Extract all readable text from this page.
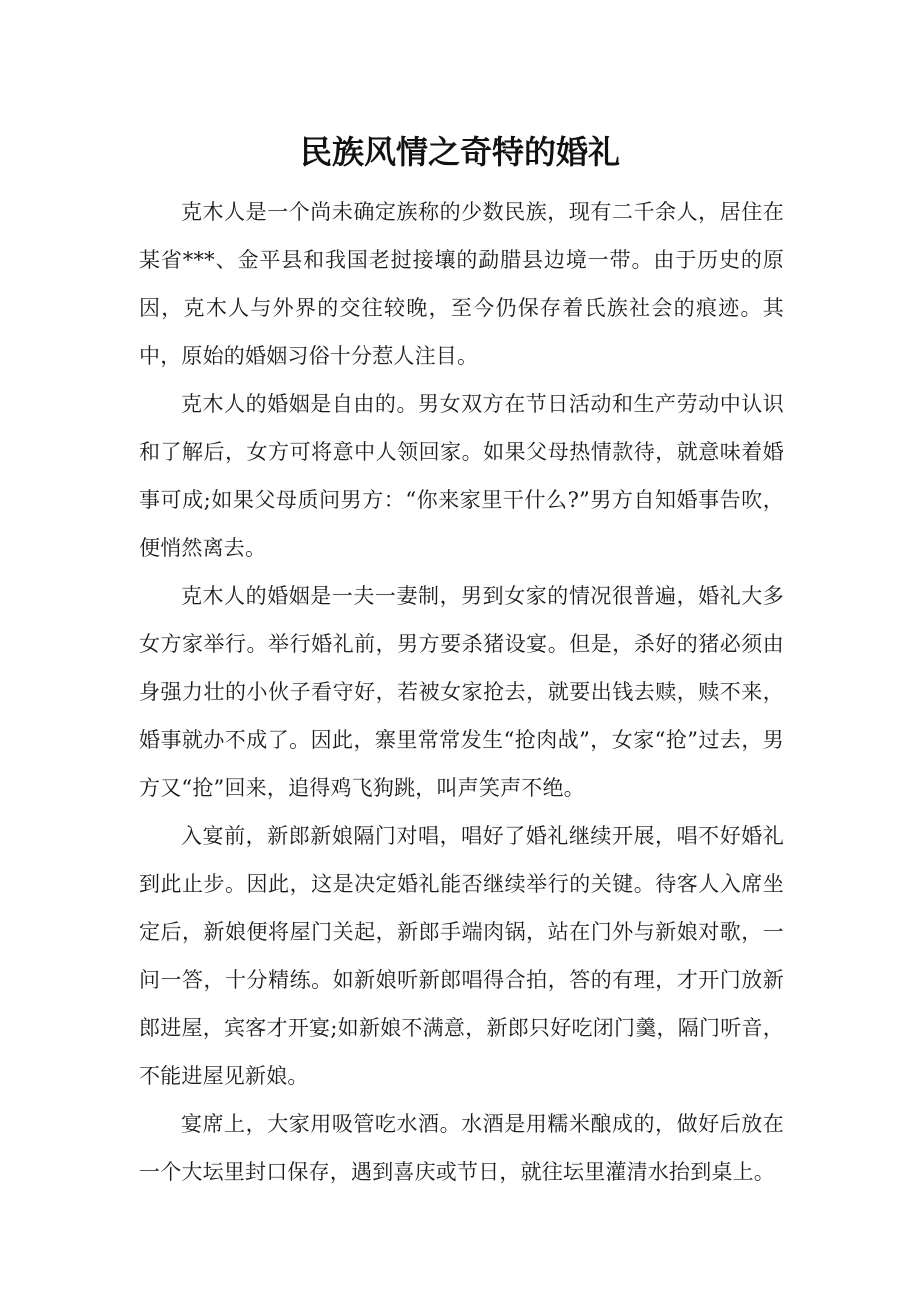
民族风情之奇特的婚礼

克木人是一个尚未确定族称的少数民族，现有二千余人，居住在某省***、金平县和我国老挝接壤的勐腊县边境一带。由于历史的原因，克木人与外界的交往较晚，至今仍保存着氏族社会的痕迹。其中，原始的婚姻习俗十分惹人注目。

克木人的婚姻是自由的。男女双方在节日活动和生产劳动中认识和了解后，女方可将意中人领回家。如果父母热情款待，就意味着婚事可成;如果父母质问男方：“你来家里干什么?”男方自知婚事告吹，便悄然离去。

克木人的婚姻是一夫一妻制，男到女家的情况很普遍，婚礼大多女方家举行。举行婚礼前，男方要杀猪设宴。但是，杀好的猪必须由身强力壮的小伙子看守好，若被女家抢去，就要出钱去赎，赎不来，婚事就办不成了。因此，寨里常常发生“抢肉战”，女家“抢”过去，男方又“抢”回来，追得鸡飞狗跳，叫声笑声不绝。

入宴前，新郎新娘隔门对唱，唱好了婚礼继续开展，唱不好婚礼到此止步。因此，这是决定婚礼能否继续举行的关键。待客人入席坐定后，新娘便将屋门关起，新郎手端肉锅，站在门外与新娘对歌，一问一答，十分精练。如新娘听新郎唱得合拍，答的有理，才开门放新郎进屋，宾客才开宴;如新娘不满意，新郎只好吃闭门羹，隔门听音，不能进屋见新娘。

宴席上，大家用吸管吃水酒。水酒是用糯米酿成的，做好后放在一个大坛里封口保存，遇到喜庆或节日，就往坛里灌清水抬到桌上。
